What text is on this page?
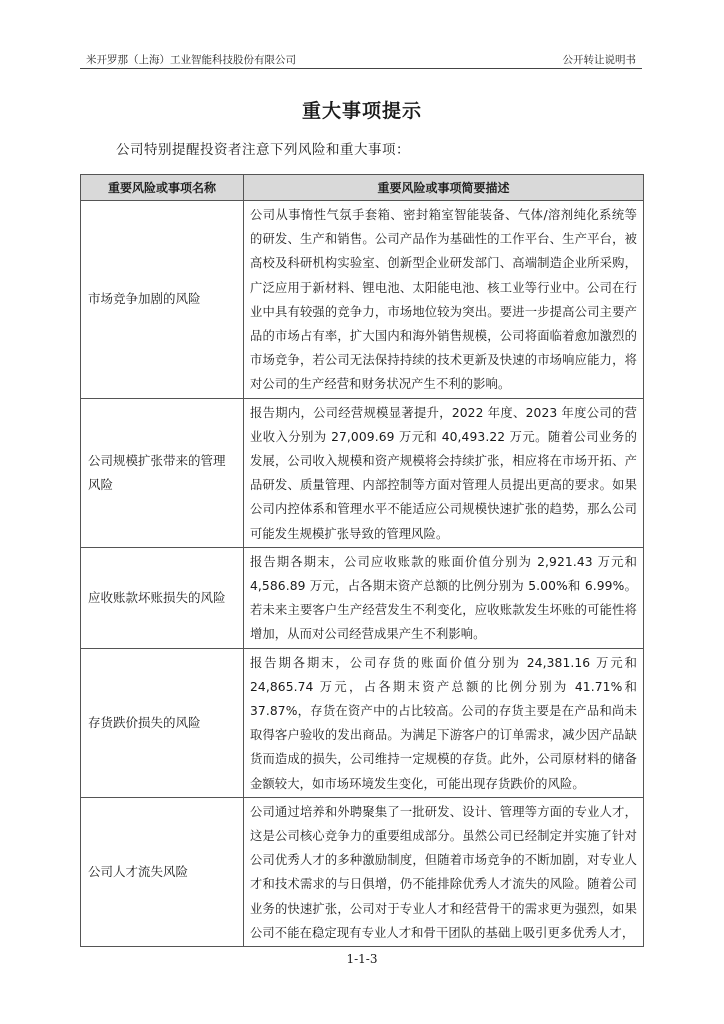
米开罗那（上海）工业智能科技股份有限公司	公开转让说明书
重大事项提示
公司特别提醒投资者注意下列风险和重大事项：
重要风险或事项名称	重要风险或事项简要描述
市场竞争加剧的风险	公司从事惰性气氛手套箱、密封箱室智能装备、气体/溶剂纯化系统等的研发、生产和销售。公司产品作为基础性的工作平台、生产平台，被高校及科研机构实验室、创新型企业研发部门、高端制造企业所采购，广泛应用于新材料、锂电池、太阳能电池、核工业等行业中。公司在行业中具有较强的竞争力，市场地位较为突出。要进一步提高公司主要产品的市场占有率，扩大国内和海外销售规模，公司将面临着愈加激烈的市场竞争，若公司无法保持持续的技术更新及快速的市场响应能力，将对公司的生产经营和财务状况产生不利的影响。
公司规模扩张带来的管理风险	报告期内，公司经营规模显著提升，2022 年度、2023 年度公司的营业收入分别为 27,009.69 万元和 40,493.22 万元。随着公司业务的发展，公司收入规模和资产规模将会持续扩张，相应将在市场开拓、产品研发、质量管理、内部控制等方面对管理人员提出更高的要求。如果公司内控体系和管理水平不能适应公司规模快速扩张的趋势，那么公司可能发生规模扩张导致的管理风险。
应收账款坏账损失的风险	报告期各期末，公司应收账款的账面价值分别为 2,921.43 万元和 4,586.89 万元，占各期末资产总额的比例分别为 5.00%和 6.99%。若未来主要客户生产经营发生不利变化，应收账款发生坏账的可能性将增加，从而对公司经营成果产生不利影响。
存货跌价损失的风险	报告期各期末，公司存货的账面价值分别为 24,381.16 万元和 24,865.74 万元，占各期末资产总额的比例分别为 41.71%和 37.87%，存货在资产中的占比较高。公司的存货主要是在产品和尚未取得客户验收的发出商品。为满足下游客户的订单需求，减少因产品缺货而造成的损失，公司维持一定规模的存货。此外，公司原材料的储备金额较大，如市场环境发生变化，可能出现存货跌价的风险。
公司人才流失风险	公司通过培养和外聘聚集了一批研发、设计、管理等方面的专业人才，这是公司核心竞争力的重要组成部分。虽然公司已经制定并实施了针对公司优秀人才的多种激励制度，但随着市场竞争的不断加剧，对专业人才和技术需求的与日俱增，仍不能排除优秀人才流失的风险。随着公司业务的快速扩张，公司对于专业人才和经营骨干的需求更为强烈，如果公司不能在稳定现有专业人才和骨干团队的基础上吸引更多优秀人才，
1-1-3
